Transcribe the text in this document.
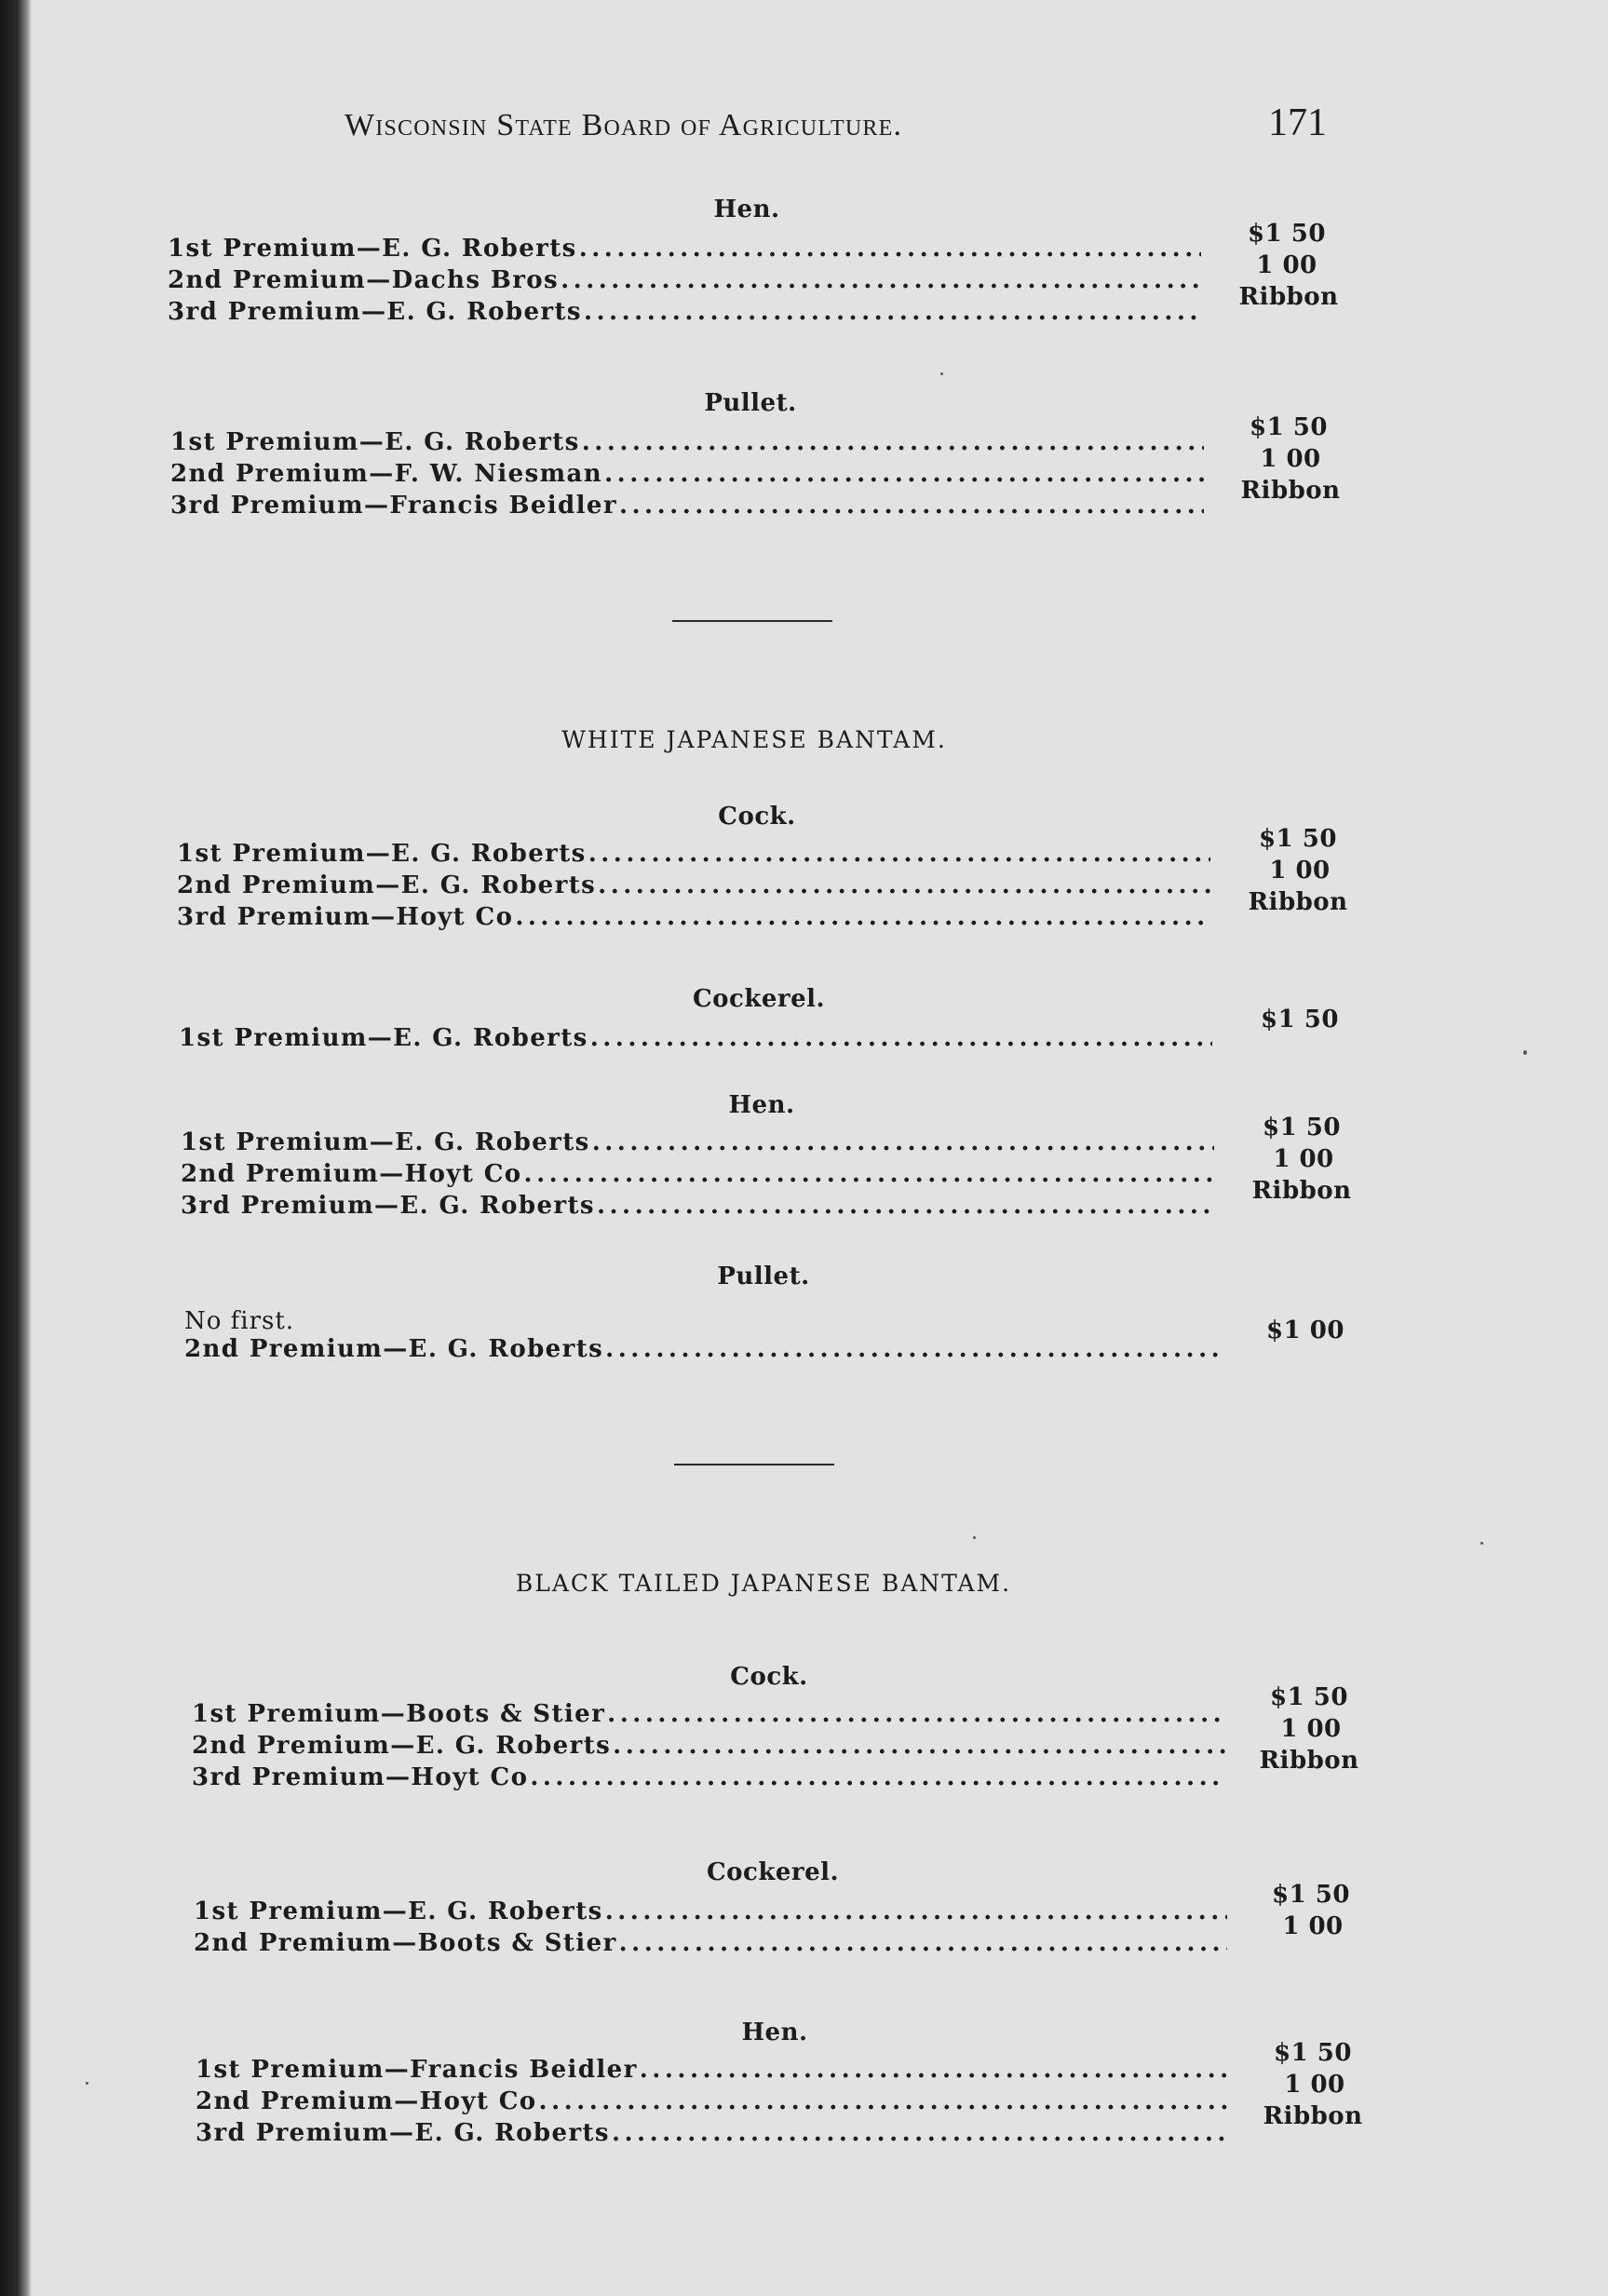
Wisconsin State Board of Agriculture.	171
Hen.
1st Premium—E. G. Roberts
.....
$1 50
2nd Premium—Dachs Bros
.....
1 00
3rd Premium—E. G. Roberts
.....
Ribbon
Pullet.
1st Premium—E. G. Roberts
.....
$1 50
2nd Premium—F. W. Niesman
.....
1 00
3rd Premium—Francis Beidler
.....
Ribbon
WHITE JAPANESE BANTAM.
Cock.
1st Premium—E. G. Roberts
.....
$1 50
2nd Premium—E. G. Roberts
.....
1 00
3rd Premium—Hoyt Co
.....
Ribbon
Cockerel.
1st Premium—E. G. Roberts
.....
$1 50
Hen.
1st Premium—E. G. Roberts
.....
$1 50
2nd Premium—Hoyt Co
.....
1 00
3rd Premium—E. G. Roberts
.....
Ribbon
Pullet.
No first.
2nd Premium—E. G. Roberts
.....
$1 00
BLACK TAILED JAPANESE BANTAM.
Cock.
1st Premium—Boots & Stier
.....
$1 50
2nd Premium—E. G. Roberts
.....
1 00
3rd Premium—Hoyt Co
.....
Ribbon
Cockerel.
1st Premium—E. G. Roberts
.....
$1 50
2nd Premium—Boots & Stier
.....
1 00
Hen.
1st Premium—Francis Beidler
.....
$1 50
2nd Premium—Hoyt Co
.....
1 00
3rd Premium—E. G. Roberts
.....
Ribbon
